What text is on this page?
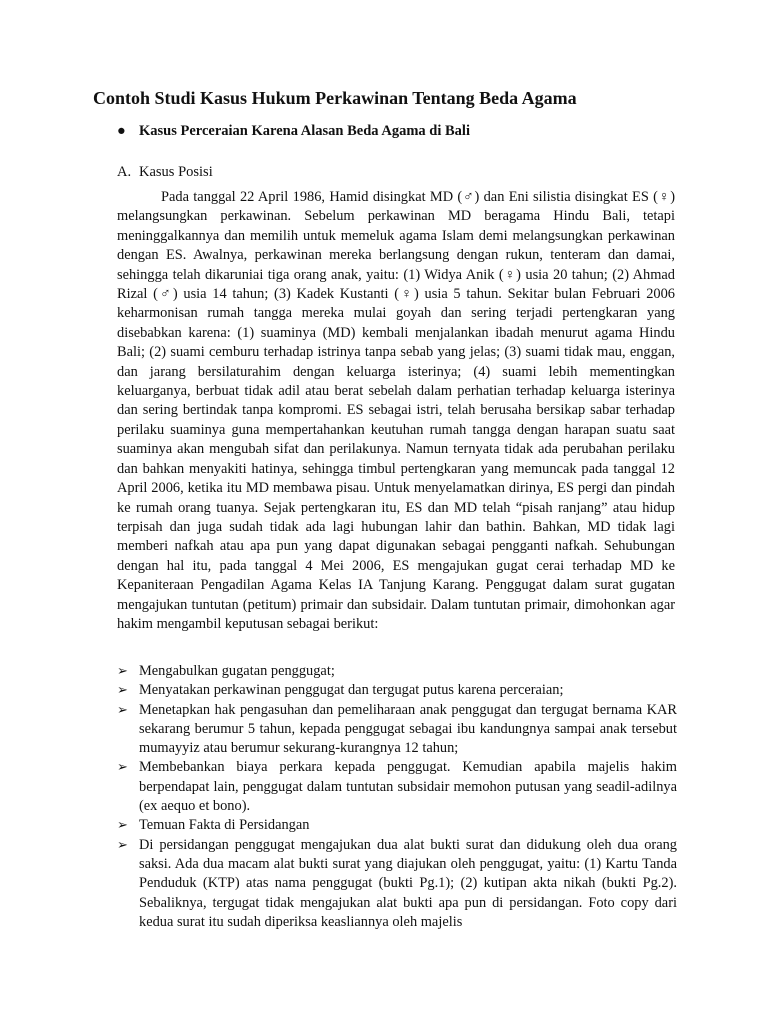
Contoh Studi Kasus Hukum Perkawinan Tentang Beda Agama
● Kasus Perceraian Karena Alasan Beda Agama di Bali
A. Kasus Posisi

Pada tanggal 22 April 1986, Hamid disingkat MD (♂) dan Eni silistia disingkat ES (♀) melangsungkan perkawinan. Sebelum perkawinan MD beragama Hindu Bali, tetapi meninggalkannya dan memilih untuk memeluk agama Islam demi melangsungkan perkawinan dengan ES. Awalnya, perkawinan mereka berlangsung dengan rukun, tenteram dan damai, sehingga telah dikaruniai tiga orang anak, yaitu: (1) Widya Anik (♀) usia 20 tahun; (2) Ahmad Rizal (♂) usia 14 tahun; (3) Kadek Kustanti (♀) usia 5 tahun. Sekitar bulan Februari 2006 keharmonisan rumah tangga mereka mulai goyah dan sering terjadi pertengkaran yang disebabkan karena: (1) suaminya (MD) kembali menjalankan ibadah menurut agama Hindu Bali; (2) suami cemburu terhadap istrinya tanpa sebab yang jelas; (3) suami tidak mau, enggan, dan jarang bersilaturahim dengan keluarga isterinya; (4) suami lebih mementingkan keluarganya, berbuat tidak adil atau berat sebelah dalam perhatian terhadap keluarga isterinya dan sering bertindak tanpa kompromi. ES sebagai istri, telah berusaha bersikap sabar terhadap perilaku suaminya guna mempertahankan keutuhan rumah tangga dengan harapan suatu saat suaminya akan mengubah sifat dan perilakunya. Namun ternyata tidak ada perubahan perilaku dan bahkan menyakiti hatinya, sehingga timbul pertengkaran yang memuncak pada tanggal 12 April 2006, ketika itu MD membawa pisau. Untuk menyelamatkan dirinya, ES pergi dan pindah ke rumah orang tuanya. Sejak pertengkaran itu, ES dan MD telah “pisah ranjang” atau hidup terpisah dan juga sudah tidak ada lagi hubungan lahir dan bathin. Bahkan, MD tidak lagi memberi nafkah atau apa pun yang dapat digunakan sebagai pengganti nafkah. Sehubungan dengan hal itu, pada tanggal 4 Mei 2006, ES mengajukan gugat cerai terhadap MD ke Kepaniteraan Pengadilan Agama Kelas IA Tanjung Karang. Penggugat dalam surat gugatan mengajukan tuntutan (petitum) primair dan subsidair. Dalam tuntutan primair, dimohonkan agar hakim mengambil keputusan sebagai berikut:

➢ Mengabulkan gugatan penggugat;
➢ Menyatakan perkawinan penggugat dan tergugat putus karena perceraian;
➢ Menetapkan hak pengasuhan dan pemeliharaan anak penggugat dan tergugat bernama KAR sekarang berumur 5 tahun, kepada penggugat sebagai ibu kandungnya sampai anak tersebut mumayyiz atau berumur sekurang-kurangnya 12 tahun;
➢ Membebankan biaya perkara kepada penggugat. Kemudian apabila majelis hakim berpendapat lain, penggugat dalam tuntutan subsidair memohon putusan yang seadil-adilnya (ex aequo et bono).
➢ Temuan Fakta di Persidangan
➢ Di persidangan penggugat mengajukan dua alat bukti surat dan didukung oleh dua orang saksi. Ada dua macam alat bukti surat yang diajukan oleh penggugat, yaitu: (1) Kartu Tanda Penduduk (KTP) atas nama penggugat (bukti Pg.1); (2) kutipan akta nikah (bukti Pg.2). Sebaliknya, tergugat tidak mengajukan alat bukti apa pun di persidangan. Foto copy dari kedua surat itu sudah diperiksa keasliannya oleh majelis
